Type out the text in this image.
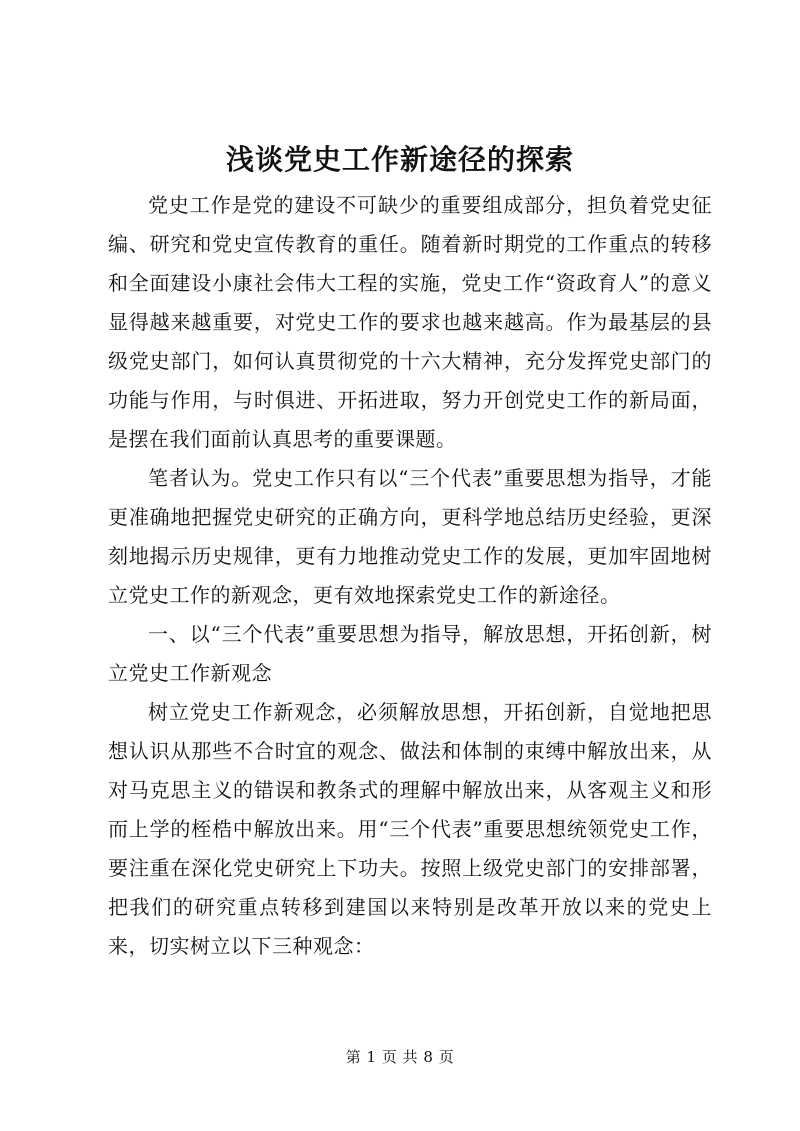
浅谈党史工作新途径的探索

党史工作是党的建设不可缺少的重要组成部分，担负着党史征编、研究和党史宣传教育的重任。随着新时期党的工作重点的转移和全面建设小康社会伟大工程的实施，党史工作“资政育人”的意义显得越来越重要，对党史工作的要求也越来越高。作为最基层的县级党史部门，如何认真贯彻党的十六大精神，充分发挥党史部门的功能与作用，与时俱进、开拓进取，努力开创党史工作的新局面，是摆在我们面前认真思考的重要课题。

笔者认为。党史工作只有以“三个代表”重要思想为指导，才能更准确地把握党史研究的正确方向，更科学地总结历史经验，更深刻地揭示历史规律，更有力地推动党史工作的发展，更加牢固地树立党史工作的新观念，更有效地探索党史工作的新途径。

一、以“三个代表”重要思想为指导，解放思想，开拓创新，树立党史工作新观念

树立党史工作新观念，必须解放思想，开拓创新，自觉地把思想认识从那些不合时宜的观念、做法和体制的束缚中解放出来，从对马克思主义的错误和教条式的理解中解放出来，从客观主义和形而上学的桎梏中解放出来。用“三个代表”重要思想统领党史工作，要注重在深化党史研究上下功夫。按照上级党史部门的安排部署，把我们的研究重点转移到建国以来特别是改革开放以来的党史上来，切实树立以下三种观念：

第 1 页 共 8 页
